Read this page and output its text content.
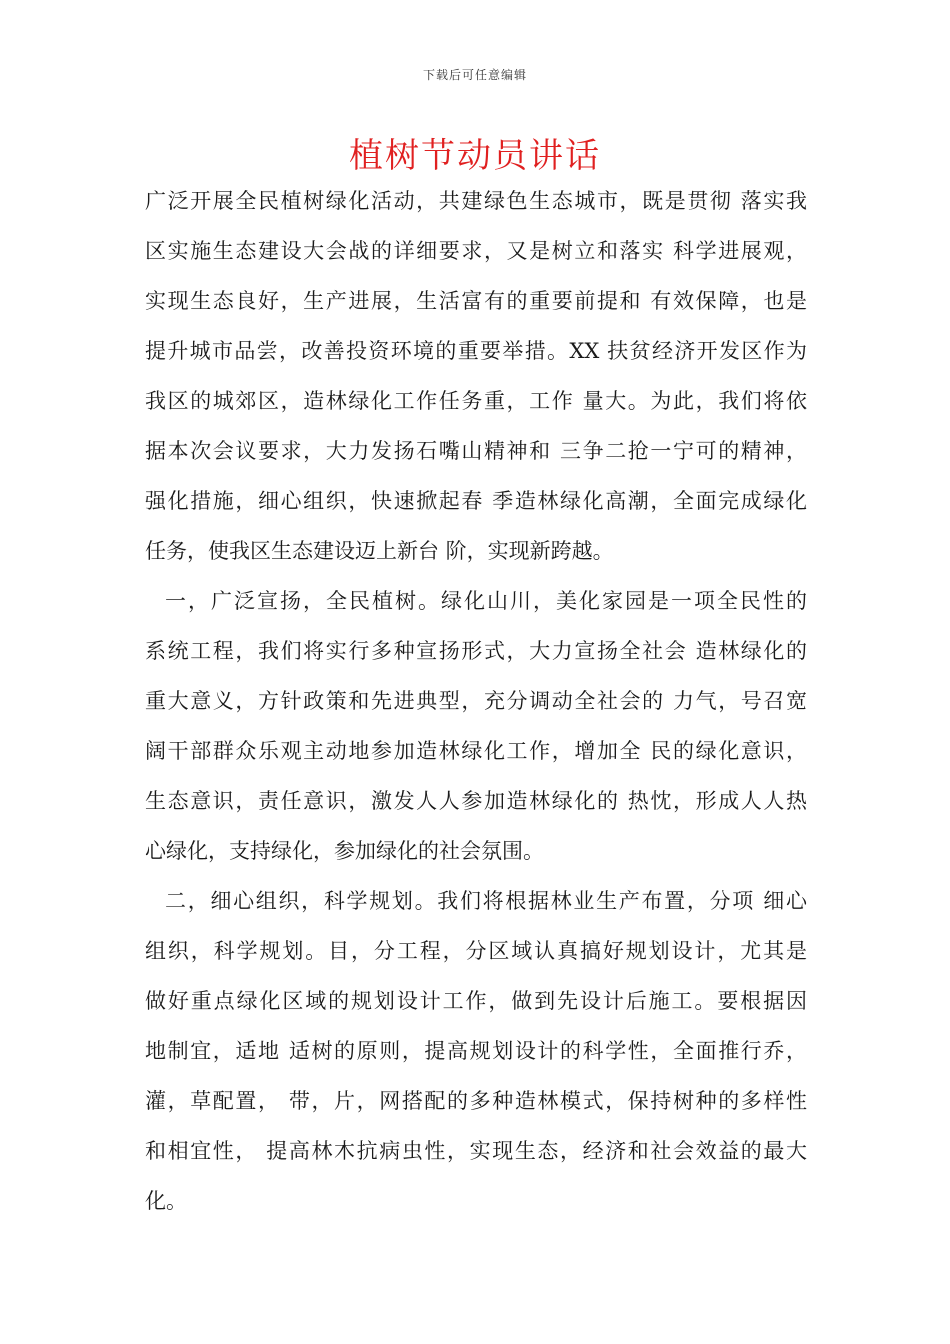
下载后可任意编辑
植树节动员讲话
广泛开展全民植树绿化活动，共建绿色生态城市，既是贯彻 落实我
区实施生态建设大会战的详细要求，又是树立和落实 科学进展观，
实现生态良好，生产进展，生活富有的重要前提和 有效保障，也是
提升城市品尝，改善投资环境的重要举措。XX 扶贫经济开发区作为
我区的城郊区，造林绿化工作任务重，工作 量大。为此，我们将依
据本次会议要求，大力发扬石嘴山精神和 三争二抢一宁可的精神，
强化措施，细心组织，快速掀起春 季造林绿化高潮，全面完成绿化
任务，使我区生态建设迈上新台 阶，实现新跨越。
一，广泛宣扬，全民植树。绿化山川，美化家园是一项全民性的
系统工程，我们将实行多种宣扬形式，大力宣扬全社会 造林绿化的
重大意义，方针政策和先进典型，充分调动全社会的 力气，号召宽
阔干部群众乐观主动地参加造林绿化工作，增加全 民的绿化意识，
生态意识，责任意识，激发人人参加造林绿化的 热忱，形成人人热
心绿化，支持绿化，参加绿化的社会氛围。
二，细心组织，科学规划。我们将根据林业生产布置，分项 细心
组织，科学规划。目，分工程，分区域认真搞好规划设计，尤其是
做好重点绿化区域的规划设计工作，做到先设计后施工。要根据因
地制宜，适地 适树的原则，提高规划设计的科学性，全面推行乔，
灌，草配置， 带，片，网搭配的多种造林模式，保持树种的多样性
和相宜性， 提高林木抗病虫性，实现生态，经济和社会效益的最大
化。
